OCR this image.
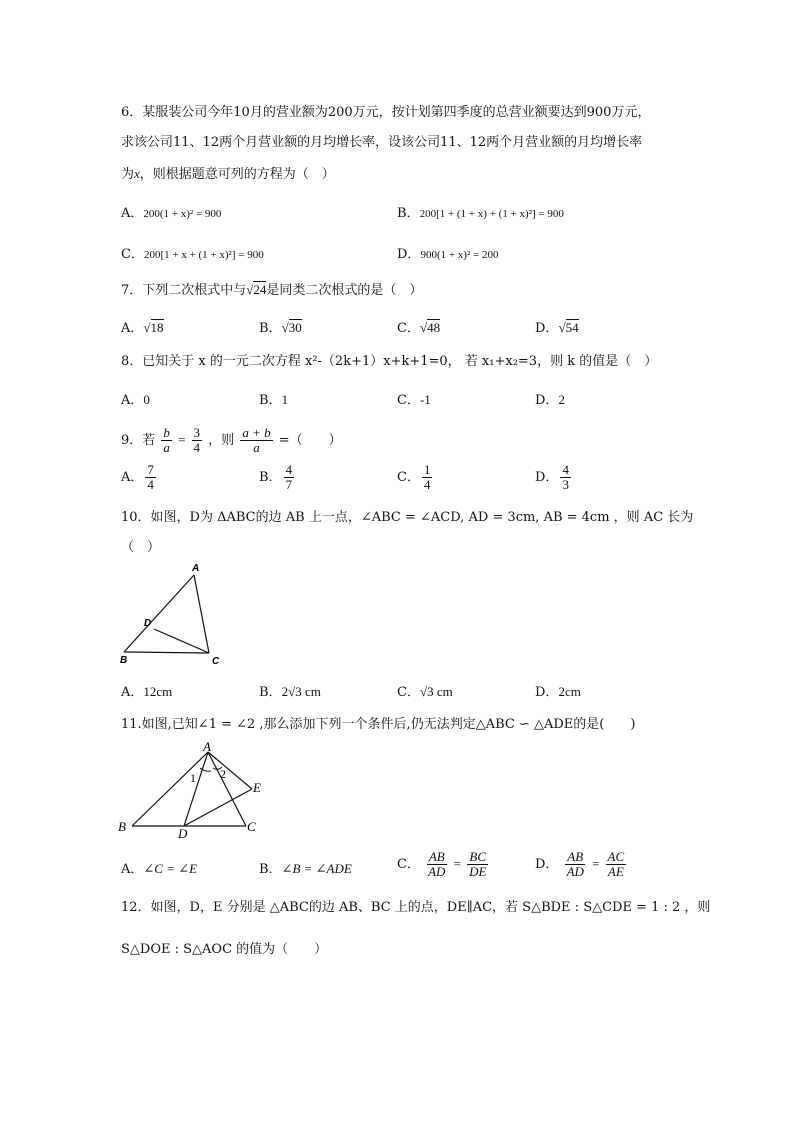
6．某服装公司今年10月的营业额为200万元，按计划第四季度的总营业额要达到900万元，
求该公司11、12两个月营业额的月均增长率，设该公司11、12两个月营业额的月均增长率
为x，则根据题意可列的方程为（　）
A．200(1 + x)² = 900	B．200[1 + (1 + x) + (1 + x)²] = 900
C．200[1 + x + (1 + x)²] = 900	D．900(1 + x)² = 200
7．下列二次根式中与√24是同类二次根式的是（　）
A．√18	B．√30	C．√48	D．√54
8．已知关于 x 的一元二次方程 x²-（2k+1）x+k+1=0， 若 x₁+x₂=3，则 k 的值是（　）
A．0	B．1	C．-1	D．2
9．若 $\frac{b}{a} = \frac{3}{4}$ ，则 $\frac{a + b}{a}$ =（　　）
A． $\frac{7}{4}$	B． $\frac{4}{7}$	C． $\frac{1}{4}$	D． $\frac{4}{3}$
10．如图，D为 ΔABC的边 AB 上一点，∠ABC = ∠ACD, AD = 3cm, AB = 4cm ，则 AC 长为
（　）
A
D
B	C
A．12cm	B．2√3 cm	C．√3 cm	D．2cm
11.如图,已知∠1 = ∠2 ,那么添加下列一个条件后,仍无法判定△ABC ∽ △ADE的是(　　)
A
B	D	C
E
1 2
A．∠C = ∠E	B．∠B = ∠ADE	C． $\frac{AB}{AD} = \frac{BC}{DE}$	D． $\frac{AB}{AD} = \frac{AC}{AE}$
12．如图，D，E 分别是 △ABC的边 AB、BC 上的点，DE∥AC，若 S△BDE : S△CDE = 1 : 2 ，则
S△DOE : S△AOC 的值为（　　）
